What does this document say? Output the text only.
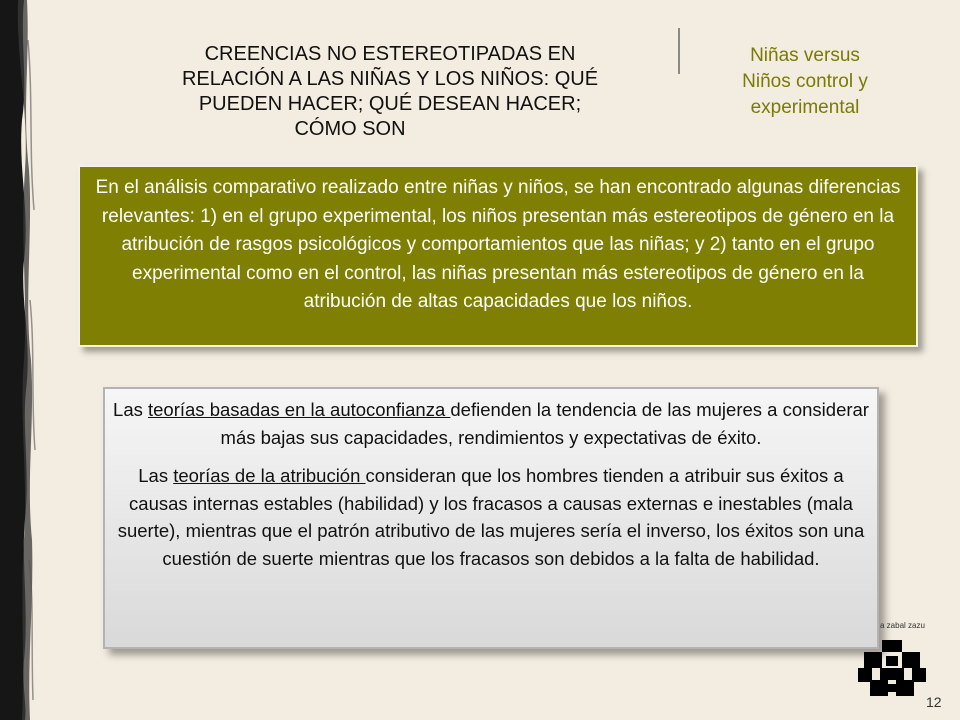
CREENCIAS NO ESTEREOTIPADAS EN
RELACIÓN A LAS NIÑAS Y LOS NIÑOS: QUÉ
PUEDEN HACER; QUÉ DESEAN HACER;

CÓMO SON
Niñas versus
Niños control y
experimental
En el análisis comparativo realizado entre niñas y niños, se han encontrado algunas diferencias relevantes: 1) en el grupo experimental, los niños presentan más estereotipos de género en la atribución de rasgos psicológicos y comportamientos que las niñas; y 2) tanto en el grupo experimental como en el control, las niñas presentan más estereotipos de género en la atribución de altas capacidades que los niños.

Las teorías basadas en la autoconfianza defienden la tendencia de las mujeres a considerar más bajas sus capacidades, rendimientos y expectativas de éxito.

Las teorías de la atribución consideran que los hombres tienden a atribuir sus éxitos a causas internas estables (habilidad) y los fracasos a causas externas e inestables (mala suerte), mientras que el patrón atributivo de las mujeres sería el inverso, los éxitos son una cuestión de suerte mientras que los fracasos son debidos a la falta de habilidad.

a zabal zazu
12
